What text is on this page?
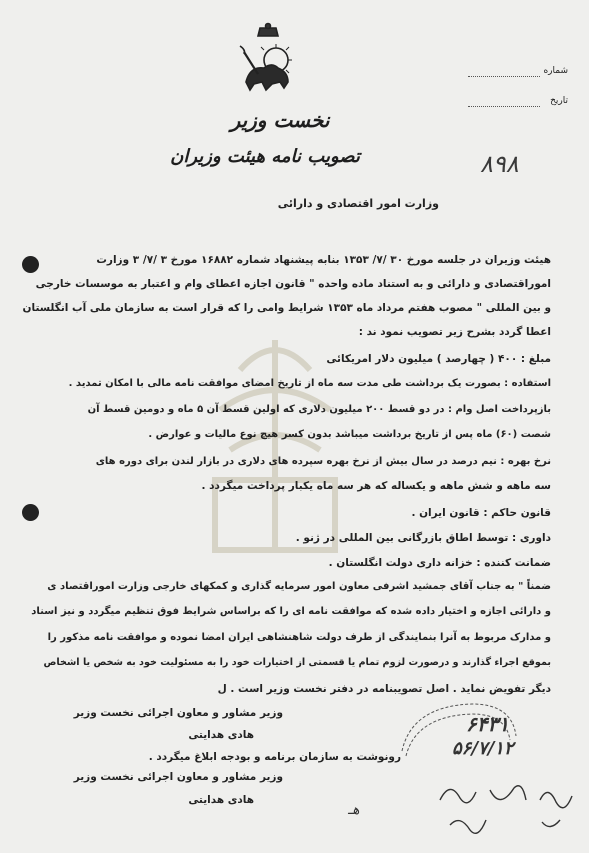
شماره
تاریخ
نخست وزیر
تصویب نامه هیئت وزیران	۸۹۸
وزارت امور اقتصادی و دارائی
هیئت وزیران در جلسه مورخ ۳۰ /۷/ ۱۳۵۳ بنابه پیشنهاد شماره ۱۶۸۸۲ مورخ ۳ /۷/ ۳ وزارت
اموراقتصادی و دارائی و به استناد ماده واحده " قانون اجازه اعطای وام و اعتبار به موسسات خارجی
و بین المللی " مصوب هفتم مرداد ماه ۱۳۵۳ شرایط وامی را که قرار است به سازمان ملی آب انگلستان
اعطا گردد بشرح زیر تصویب نمود ند :
مبلغ : ۴۰۰ ( چهارصد ) میلیون دلار امریکائی
استفاده : بصورت یک برداشت طی مدت سه ماه از تاریخ امضای موافقت نامه مالی با امکان تمدید .
بازپرداخت اصل وام : در دو قسط ۲۰۰ میلیون دلاری که اولین قسط آن ۵ ماه و دومین قسط آن
شصت (۶۰) ماه پس از تاریخ برداشت میباشد بدون کسر هیچ نوع مالیات و عوارض .
نرخ بهره : نیم درصد در سال بیش از نرخ بهره سپرده های دلاری در بازار لندن برای دوره های
سه ماهه و شش ماهه و یکساله که هر سه ماه یکبار پرداخت میگردد .
قانون حاکم : قانون ایران .
داوری : توسط اطاق بازرگانی بین المللی در ژنو .
ضمانت کننده : خزانه داری دولت انگلستان .
ضمناً " به جناب آقای جمشید اشرفی معاون امور سرمایه گذاری و کمکهای خارجی وزارت اموراقتصاد ی
و دارائی اجازه و اختیار داده شده که موافقت نامه ای را که براساس شرایط فوق تنظیم میگردد و نیز اسناد
و مدارک مربوط به آنرا بنمایندگی از طرف دولت شاهنشاهی ایران امضا نموده و موافقت نامه مذکور را
بموقع اجراء گذارند و درصورت لزوم تمام یا قسمتی از اختیارات خود را به مسئولیت خود به شخص یا اشخاص
دیگر تفویض نماید . اصل تصویبنامه در دفتر نخست وزیر است . ل
وزیر مشاور و معاون اجرائی نخست وزیر
هادی هدایتی
رونوشت به سازمان برنامه و بودجه ابلاغ میگردد .
وزیر مشاور و معاون اجرائی نخست وزیر
هادی هدایتی
۶۴۳۱
۵۶/۷/۱۲
هـ
